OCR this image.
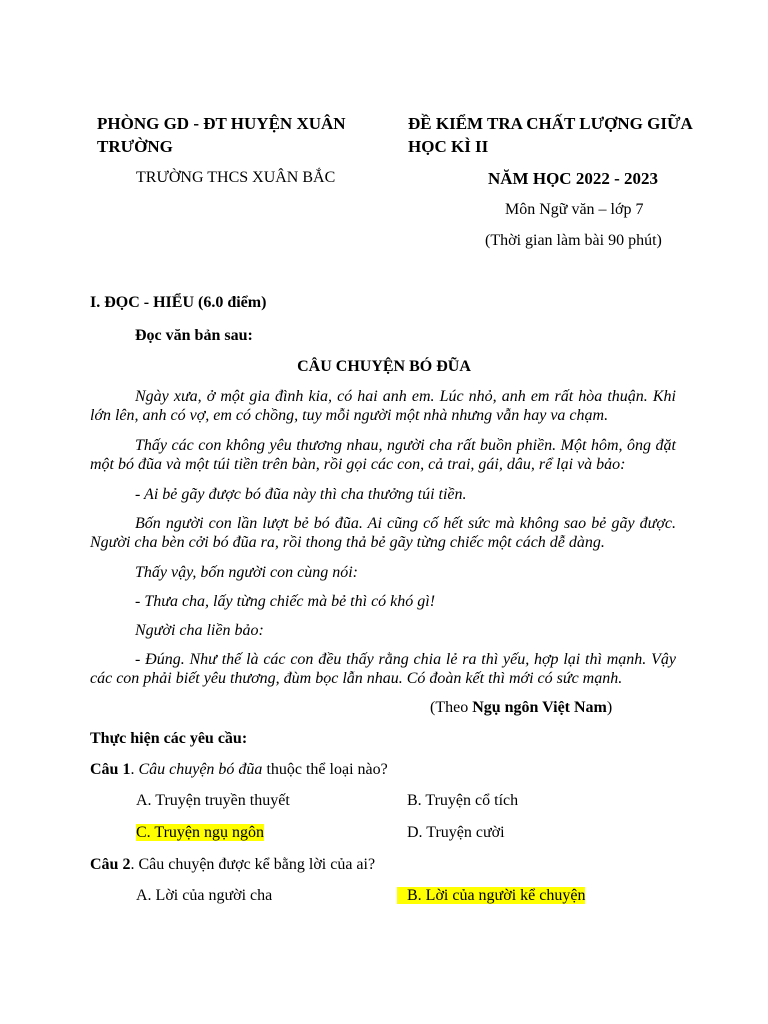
PHÒNG GD - ĐT HUYỆN XUÂN TRƯỜNG
TRƯỜNG THCS XUÂN BẮC
ĐỀ KIỂM TRA CHẤT LƯỢNG GIỮA HỌC KÌ II
NĂM HỌC 2022 - 2023
Môn Ngữ văn – lớp 7
(Thời gian làm bài 90 phút)
I. ĐỌC - HIỂU (6.0 điểm)
Đọc văn bản sau:
CÂU CHUYỆN BÓ ĐŨA
Ngày xưa, ở một gia đình kia, có hai anh em. Lúc nhỏ, anh em rất hòa thuận. Khi lớn lên, anh có vợ, em có chồng, tuy mỗi người một nhà nhưng vẫn hay va chạm.
Thấy các con không yêu thương nhau, người cha rất buồn phiền. Một hôm, ông đặt một bó đũa và một túi tiền trên bàn, rồi gọi các con, cả trai, gái, dâu, rể lại và bảo:
- Ai bẻ gãy được bó đũa này thì cha thưởng túi tiền.
Bốn người con lần lượt bẻ bó đũa. Ai cũng cố hết sức mà không sao bẻ gãy được. Người cha bèn cởi bó đũa ra, rồi thong thả bẻ gãy từng chiếc một cách dễ dàng.
Thấy vậy, bốn người con cùng nói:
- Thưa cha, lấy từng chiếc mà bẻ thì có khó gì!
Người cha liền bảo:
- Đúng. Như thế là các con đều thấy rằng chia lẻ ra thì yếu, hợp lại thì mạnh. Vậy các con phải biết yêu thương, đùm bọc lẫn nhau. Có đoàn kết thì mới có sức mạnh.
(Theo Ngụ ngôn Việt Nam)
Thực hiện các yêu cầu:
Câu 1. Câu chuyện bó đũa thuộc thể loại nào?
A. Truyện truyền thuyết	B. Truyện cổ tích
C. Truyện ngụ ngôn	D. Truyện cười
Câu 2. Câu chuyện được kể bằng lời của ai?
A. Lời của người cha	B. Lời của người kể chuyện
